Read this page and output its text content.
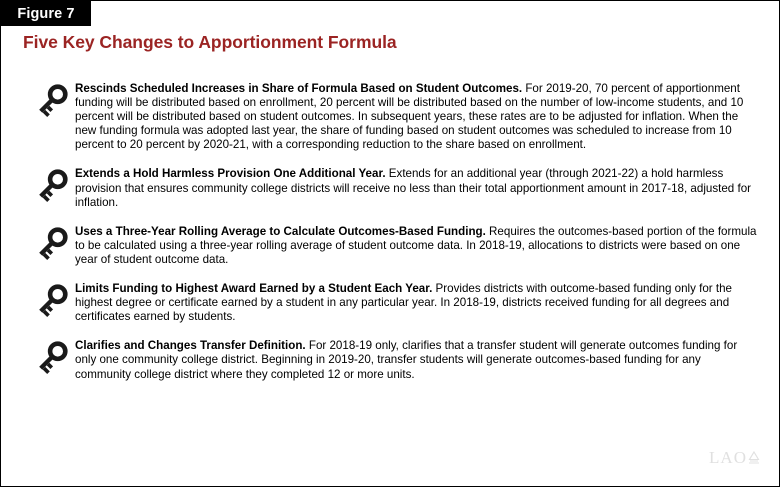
Figure 7
Five Key Changes to Apportionment Formula
Rescinds Scheduled Increases in Share of Formula Based on Student Outcomes. For 2019-20, 70 percent of apportionment funding will be distributed based on enrollment, 20 percent will be distributed based on the number of low-income students, and 10 percent will be distributed based on student outcomes. In subsequent years, these rates are to be adjusted for inflation. When the new funding formula was adopted last year, the share of funding based on student outcomes was scheduled to increase from 10 percent to 20 percent by 2020-21, with a corresponding reduction to the share based on enrollment.
Extends a Hold Harmless Provision One Additional Year. Extends for an additional year (through 2021-22) a hold harmless provision that ensures community college districts will receive no less than their total apportionment amount in 2017-18, adjusted for inflation.
Uses a Three-Year Rolling Average to Calculate Outcomes-Based Funding. Requires the outcomes-based portion of the formula to be calculated using a three-year rolling average of student outcome data. In 2018-19, allocations to districts were based on one year of student outcome data.
Limits Funding to Highest Award Earned by a Student Each Year. Provides districts with outcome-based funding only for the highest degree or certificate earned by a student in any particular year. In 2018-19, districts received funding for all degrees and certificates earned by students.
Clarifies and Changes Transfer Definition. For 2018-19 only, clarifies that a transfer student will generate outcomes funding for only one community college district. Beginning in 2019-20, transfer students will generate outcomes-based funding for any community college district where they completed 12 or more units.
LAO
